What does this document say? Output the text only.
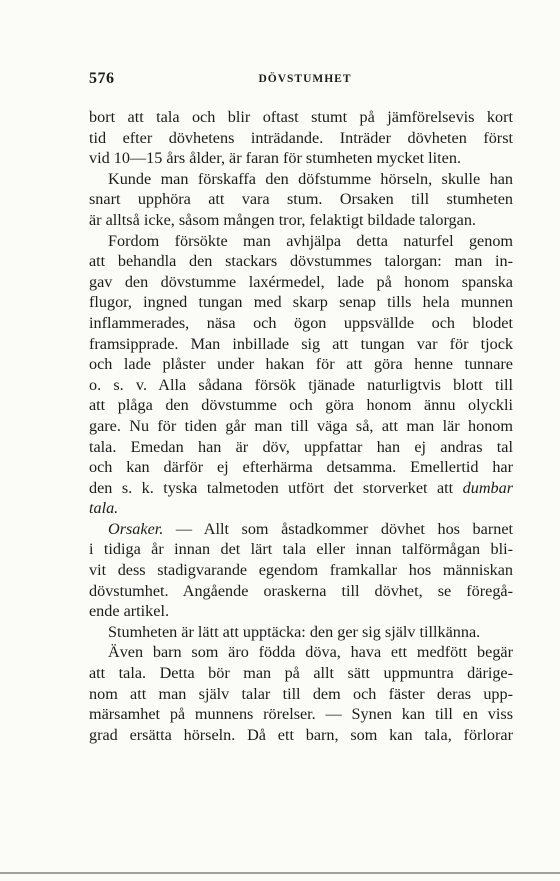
576	DÖVSTUMHET
bort att tala och blir oftast stumt på jämförelsevis kort
tid efter dövhetens inträdande. Inträder dövheten först
vid 10—15 års ålder, är faran för stumheten mycket liten.
Kunde man förskaffa den döfstumme hörseln, skulle han
snart upphöra att vara stum. Orsaken till stumheten
är alltså icke, såsom mången tror, felaktigt bildade talorgan.
Fordom försökte man avhjälpa detta naturfel genom
att behandla den stackars dövstummes talorgan: man in-
gav den dövstumme laxérmedel, lade på honom spanska
flugor, ingned tungan med skarp senap tills hela munnen
inflammerades, näsa och ögon uppsvällde och blodet
framsipprade. Man inbillade sig att tungan var för tjock
och lade plåster under hakan för att göra henne tunnare
o. s. v. Alla sådana försök tjänade naturligtvis blott till
att plåga den dövstumme och göra honom ännu olyckli
gare. Nu för tiden går man till väga så, att man lär honom
tala. Emedan han är döv, uppfattar han ej andras tal
och kan därför ej efterhärma detsamma. Emellertid har
den s. k. tyska talmetoden utfört det storverket att dumbar
tala.
Orsaker. — Allt som åstadkommer dövhet hos barnet
i tidiga år innan det lärt tala eller innan talförmågan bli-
vit dess stadigvarande egendom framkallar hos människan
dövstumhet. Angående oraskerna till dövhet, se föregå-
ende artikel.
Stumheten är lätt att upptäcka: den ger sig själv tillkänna.
Även barn som äro födda döva, hava ett medfött begär
att tala. Detta bör man på allt sätt uppmuntra därige-
nom att man själv talar till dem och fäster deras upp-
märsamhet på munnens rörelser. — Synen kan till en viss
grad ersätta hörseln. Då ett barn, som kan tala, förlorar
